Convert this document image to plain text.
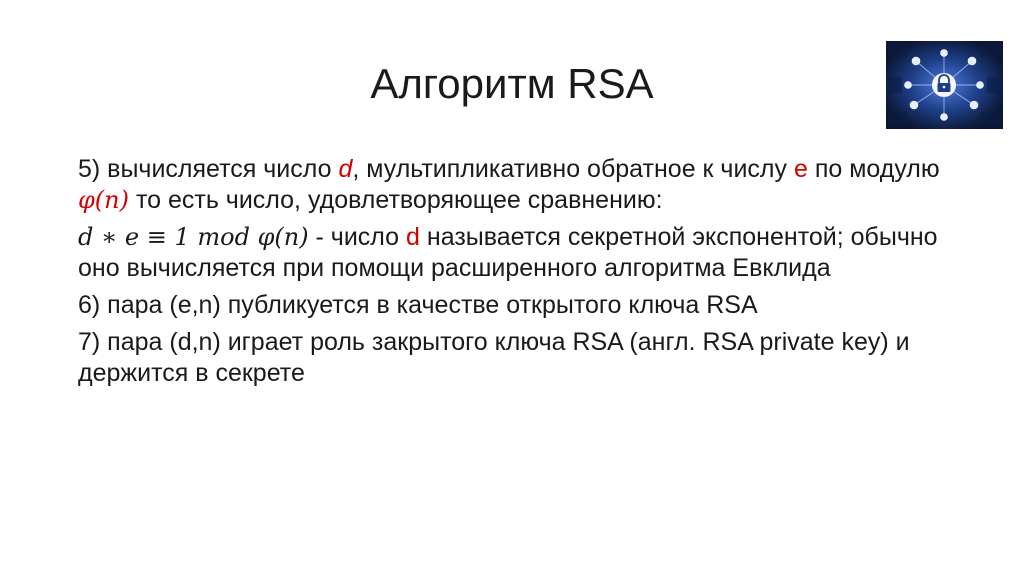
Алгоритм RSA

5) вычисляется число d, мультипликативно обратное к числу e по модулю φ(n) то есть число, удовлетворяющее сравнению:

d ∗ e ≡ 1 mod φ(n) - число d называется секретной экспонентой; обычно оно вычисляется при помощи расширенного алгоритма Евклида

6) пара (e,n) публикуется в качестве открытого ключа RSA

7) пара (d,n) играет роль закрытого ключа RSA (англ. RSA private key) и держится в секрете
